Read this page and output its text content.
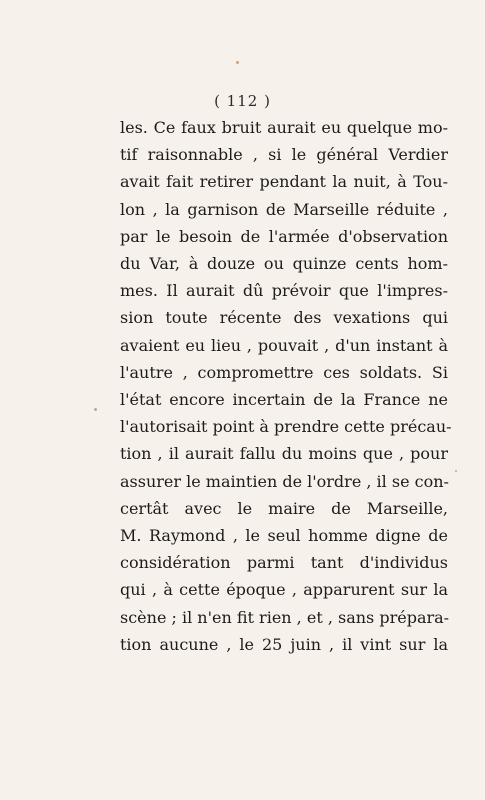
( 112 )
les. Ce faux bruit aurait eu quelque mo-
tif raisonnable , si le général Verdier
avait fait retirer pendant la nuit, à Tou-
lon , la garnison de Marseille réduite ,
par le besoin de l'armée d'observation
du Var, à douze ou quinze cents hom-
mes. Il aurait dû prévoir que l'impres-
sion toute récente des vexations qui
avaient eu lieu , pouvait , d'un instant à
l'autre , compromettre ces soldats. Si
l'état encore incertain de la France ne
l'autorisait point à prendre cette précau-
tion , il aurait fallu du moins que , pour
assurer le maintien de l'ordre , il se con-
certât avec le maire de Marseille,
M. Raymond , le seul homme digne de
considération parmi tant d'individus
qui , à cette époque , apparurent sur la
scène ; il n'en fit rien , et , sans prépara-
tion aucune , le 25 juin , il vint sur la
